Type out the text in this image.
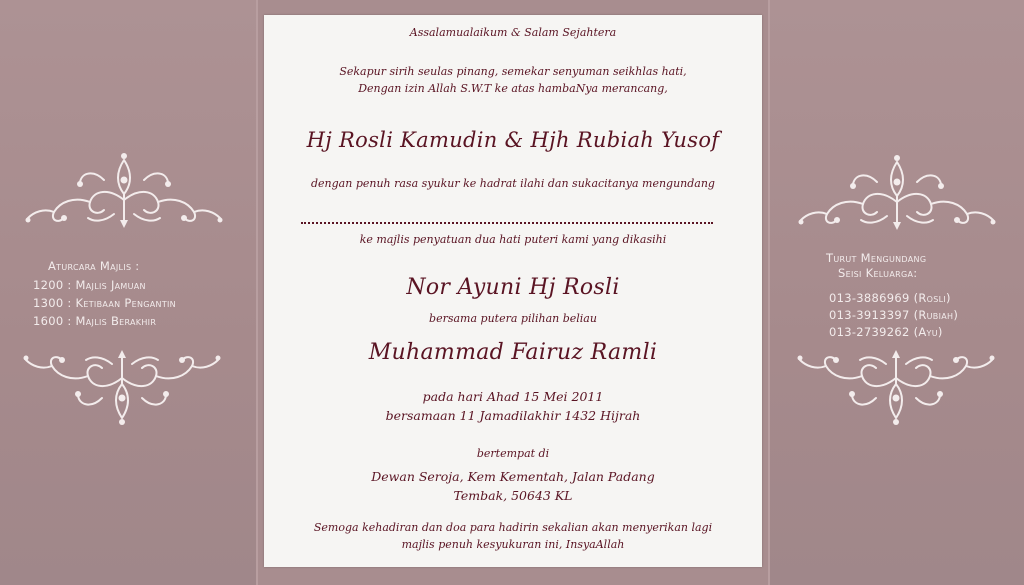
Aturcara Majlis :
1200 : Majlis Jamuan
1300 : Ketibaan Pengantin
1600 : Majlis Berakhir
Turut Mengundang
Seisi Keluarga:
013-3886969 (Rosli)
013-3913397 (Rubiah)
013-2739262 (Ayu)
Assalamualaikum & Salam Sejahtera
Sekapur sirih seulas pinang, semekar senyuman seikhlas hati,
Dengan izin Allah S.W.T ke atas hambaNya merancang,
Hj Rosli Kamudin & Hjh Rubiah Yusof
dengan penuh rasa syukur ke hadrat ilahi dan sukacitanya mengundang
ke majlis penyatuan dua hati puteri kami yang dikasihi
Nor Ayuni Hj Rosli
bersama putera pilihan beliau
Muhammad Fairuz Ramli
pada hari Ahad 15 Mei 2011
bersamaan 11 Jamadilakhir 1432 Hijrah
bertempat di
Dewan Seroja, Kem Kementah, Jalan Padang
Tembak, 50643 KL
Semoga kehadiran dan doa para hadirin sekalian akan menyerikan lagi
majlis penuh kesyukuran ini, InsyaAllah
